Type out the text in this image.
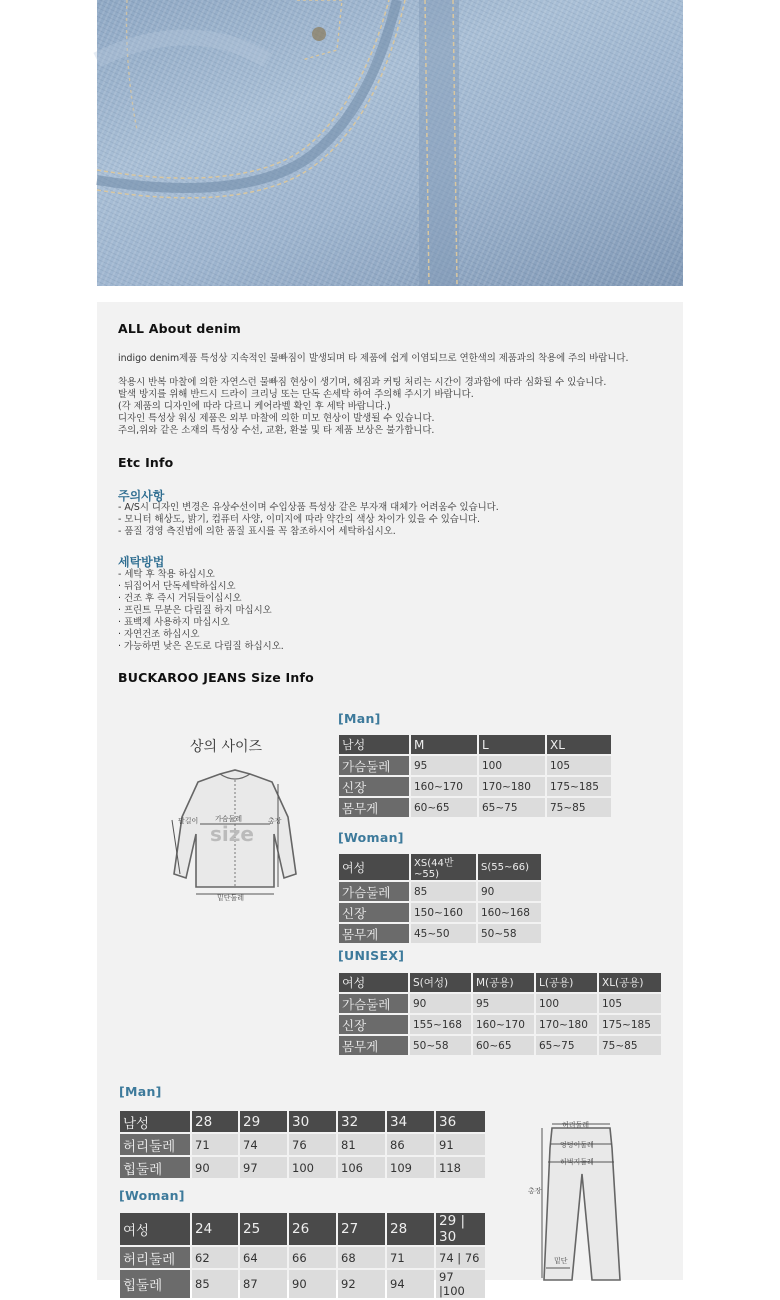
ALL About denim
indigo denim제품 특성상 지속적인 물빠짐이 발생되며 타 제품에 쉽게 이염되므로 연한색의 제품과의 착용에 주의 바랍니다.
착용시 반복 마찰에 의한 자연스런 물빠짐 현상이 생기며, 헤짐과 커팅 처리는 시간이 경과함에 따라 심화될 수 있습니다.
탈색 방지를 위해 반드시 드라이 크리닝 또는 단독 손세탁 하여 주의해 주시기 바랍니다.
(각 제품의 디자인에 따라 다르니 케어라벨 확인 후 세탁 바랍니다.)
디자인 특성상 워싱 제품은 외부 마찰에 의한 미모 현상이 발생될 수 있습니다.
주의,위와 같은 소재의 특성상 수선, 교환, 환불 및 타 제품 보상은 불가합니다.
Etc Info
주의사항
- A/S시 디자인 변경은 유상수선이며 수입상품 특성상 같은 부자재 대체가 어려움수 있습니다.
- 모니터 해상도, 밝기, 컴퓨터 사양, 이미지에 따라 약간의 색상 차이가 있을 수 있습니다.
- 품질 경영 측진법에 의한 품질 표시를 꼭 참조하시어 세탁하십시오.
세탁방법
- 세탁 후 착용 하십시오
· 뒤집어서 단독세탁하십시오
· 건조 후 즉시 거둬들이십시오
· 프린트 무분은 다림질 하지 마십시오
· 표백제 사용하지 마십시오
· 자연건조 하십시오
· 가능하면 낮은 온도로 다림질 하십시오.
BUCKAROO JEANS Size Info
상의 사이즈
가슴둘레
size
팔길이	총장
밑단둘레
[Man]
남성	M	L	XL
가슴둘레	95	100	105
신장	160~170	170~180	175~185
몸무게	60~65	65~75	75~85
[Woman]
여성	XS(44반~55)	S(55~66)
가슴둘레	85	90
신장	150~160	160~168
몸무게	45~50	50~58
[UNISEX]
여성	S(여성)	M(공용)	L(공용)	XL(공용)
가슴둘레	90	95	100	105
신장	155~168	160~170	170~180	175~185
몸무게	50~58	60~65	65~75	75~85
[Man]
남성	28	29	30	32	34	36
허리둘레	71	74	76	81	86	91
힙둘레	90	97	100	106	109	118
[Woman]
여성	24	25	26	27	28	29 | 30
허리둘레	62	64	66	68	71	74 | 76
힙둘레	85	87	90	92	94	97 |100
허리둘레
엉덩이둘레
허벅지둘레
총장
밑단
